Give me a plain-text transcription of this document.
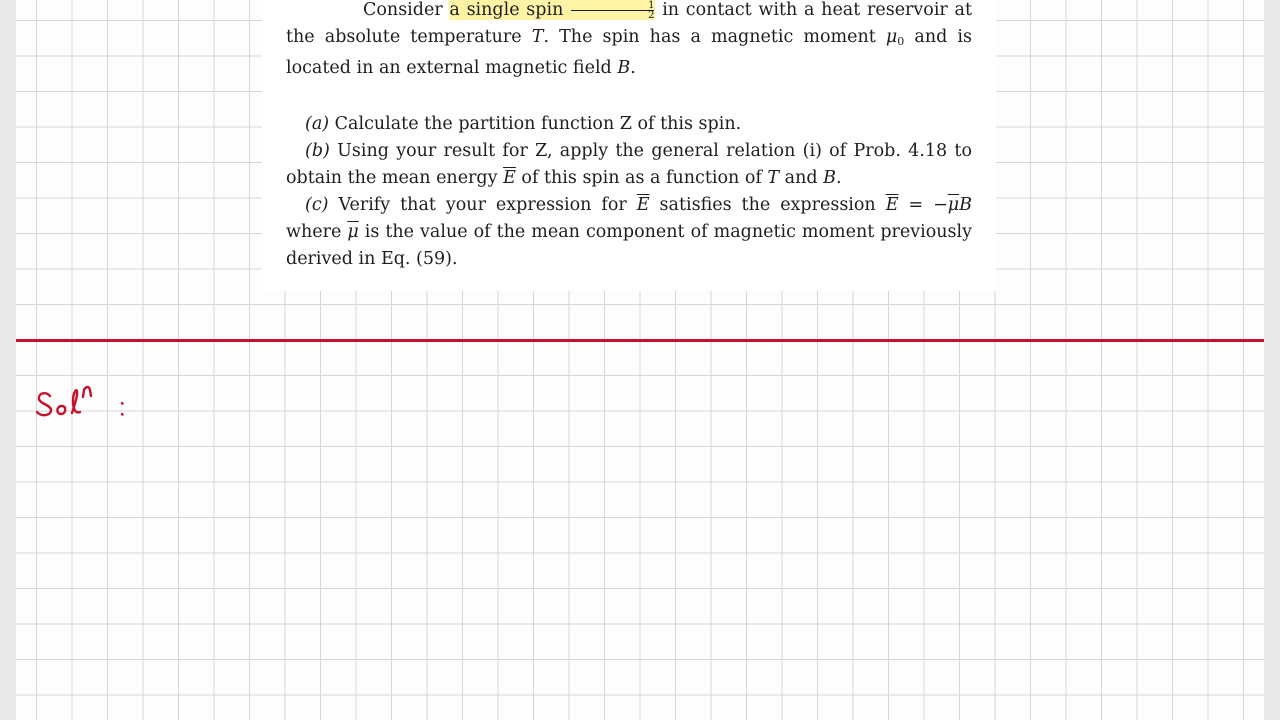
Consider a single spin $\frac{1}{2}$ in contact with a heat reservoir at the absolute temperature T. The spin has a magnetic moment $\mu_0$ and is located in an external magnetic field B.

(a) Calculate the partition function Z of this spin.

(b) Using your result for Z, apply the general relation (i) of Prob. 4.18 to obtain the mean energy $\overline{E}$ of this spin as a function of T and B.

(c) Verify that your expression for $\overline{E}$ satisfies the expression $\overline{E} = -\overline{\mu}B$ where $\overline{\mu}$ is the value of the mean component of magnetic moment previously derived in Eq. (59).
